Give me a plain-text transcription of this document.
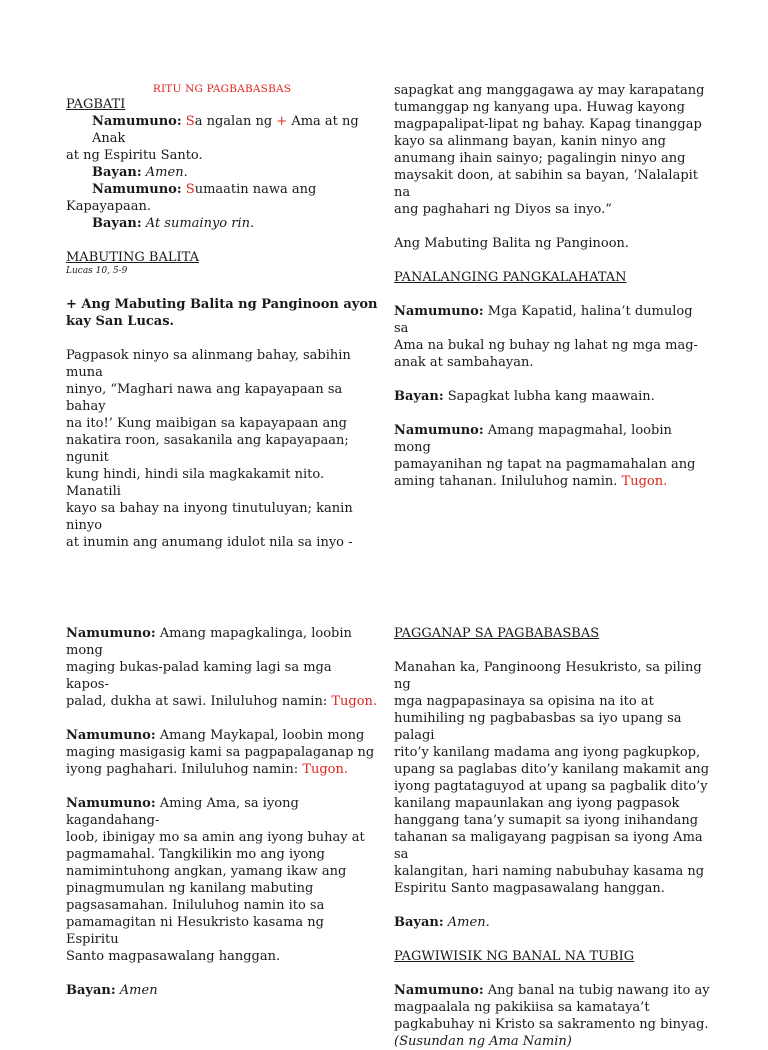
RITU NG PAGBABASBAS

PAGBATI

Namumuno: Sa ngalan ng + Ama at ng Anak

at ng Espiritu Santo.

Bayan: Amen.

Namumuno: Sumaatin nawa ang

Kapayapaan.

Bayan: At sumainyo rin.

MABUTING BALITA

Lucas 10, 5-9

+ Ang Mabuting Balita ng Panginoon ayon

kay San Lucas.

Pagpasok ninyo sa alinmang bahay, sabihin muna

ninyo, “Maghari nawa ang kapayapaan sa bahay

na ito!’ Kung maibigan sa kapayapaan ang

nakatira roon, sasakanila ang kapayapaan; ngunit

kung hindi, hindi sila magkakamit nito. Manatili

kayo sa bahay na inyong tinutuluyan; kanin ninyo

at inumin ang anumang idulot nila sa inyo -

sapagkat ang manggagawa ay may karapatang

tumanggap ng kanyang upa. Huwag kayong

magpapalipat-lipat ng bahay. Kapag tinanggap

kayo sa alinmang bayan, kanin ninyo ang

anumang ihain sainyo; pagalingin ninyo ang

maysakit doon, at sabihin sa bayan, ‘Nalalapit na

ang paghahari ng Diyos sa inyo.”

Ang Mabuting Balita ng Panginoon.

PANALANGING PANGKALAHATAN

Namumuno: Mga Kapatid, halina’t dumulog sa

Ama na bukal ng buhay ng lahat ng mga mag-

anak at sambahayan.

Bayan: Sapagkat lubha kang maawain.

Namumuno: Amang mapagmahal, loobin mong

pamayanihan ng tapat na pagmamahalan ang

aming tahanan. Iniluluhog namin. Tugon.

Namumuno: Amang mapagkalinga, loobin mong

maging bukas-palad kaming lagi sa mga kapos-

palad, dukha at sawi. Iniluluhog namin: Tugon.

Namumuno: Amang Maykapal, loobin mong

maging masigasig kami sa pagpapalaganap ng

iyong paghahari. Iniluluhog namin: Tugon.

Namumuno: Aming Ama, sa iyong kagandahang-

loob, ibinigay mo sa amin ang iyong buhay at

pagmamahal. Tangkilikin mo ang iyong

namimintuhong angkan, yamang ikaw ang

pinagmumulan ng kanilang mabuting

pagsasamahan. Iniluluhog namin ito sa

pamamagitan ni Hesukristo kasama ng Espiritu

Santo magpasawalang hanggan.

Bayan: Amen

PAGGANAP SA PAGBABASBAS

Manahan ka, Panginoong Hesukristo, sa piling ng

mga nagpapasinaya sa opisina na ito at

humihiling ng pagbabasbas sa iyo upang sa palagi

rito’y kanilang madama ang iyong pagkupkop,

upang sa paglabas dito’y kanilang makamit ang

iyong pagtataguyod at upang sa pagbalik dito’y

kanilang mapaunlakan ang iyong pagpasok

hanggang tana’y sumapit sa iyong inihandang

tahanan sa maligayang pagpisan sa iyong Ama sa

kalangitan, hari naming nabubuhay kasama ng

Espiritu Santo magpasawalang hanggan.

Bayan: Amen.

PAGWIWISIK NG BANAL NA TUBIG

Namumuno: Ang banal na tubig nawang ito ay

magpaalala ng pakikiisa sa kamataya’t

pagkabuhay ni Kristo sa sakramento ng binyag.

(Susundan ng Ama Namin)
